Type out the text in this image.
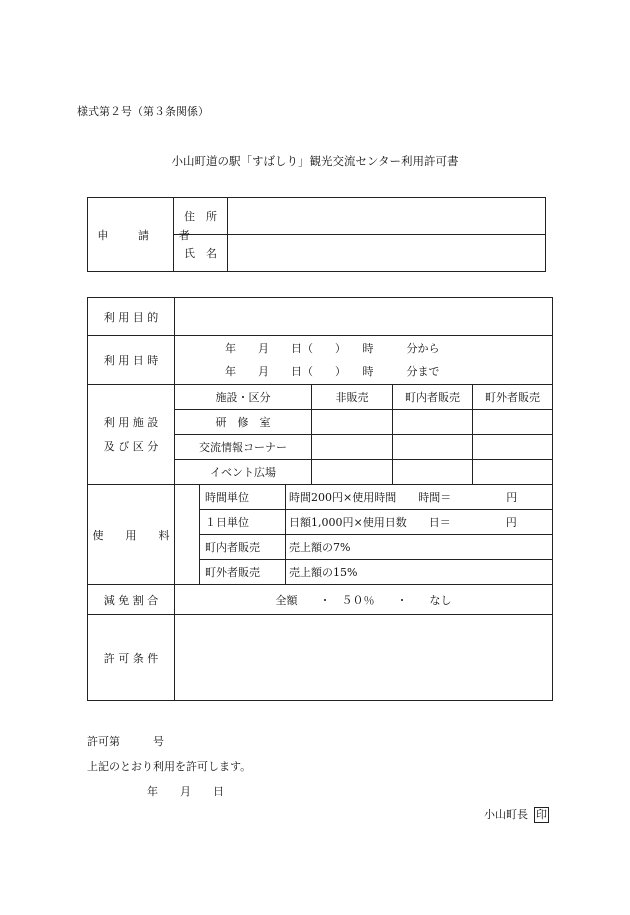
様式第２号（第３条関係）
小山町道の駅「すばしり」観光交流センター利用許可書
申　請　者	住　所	
	氏　名	
利 用 目 的						
利 用 日 時	年　　月　　日（　　）　　時　　　分から
年　　月　　日（　　）　　時　　　分まで					

利 用 施 設
及 び 区 分	施設・区分			非販売	町内者販売	町外者販売
	研　修　室					
	交流情報コーナー					
	イベント広場					
使　　用　　料		時間単位	時間200円×使用時間　　時間＝　　　　　円			
		１日単位	日額1,000円×使用日数　　日＝　　　　　円			
		町内者販売	売上額の7%			
		町外者販売	売上額の15%			
減 免 割 合	全額　　・　５０％　　・　　なし					
許 可 条 件						
許可第　　　号
上記のとおり利用を許可します。
年　　月　　日
小山町長 印
